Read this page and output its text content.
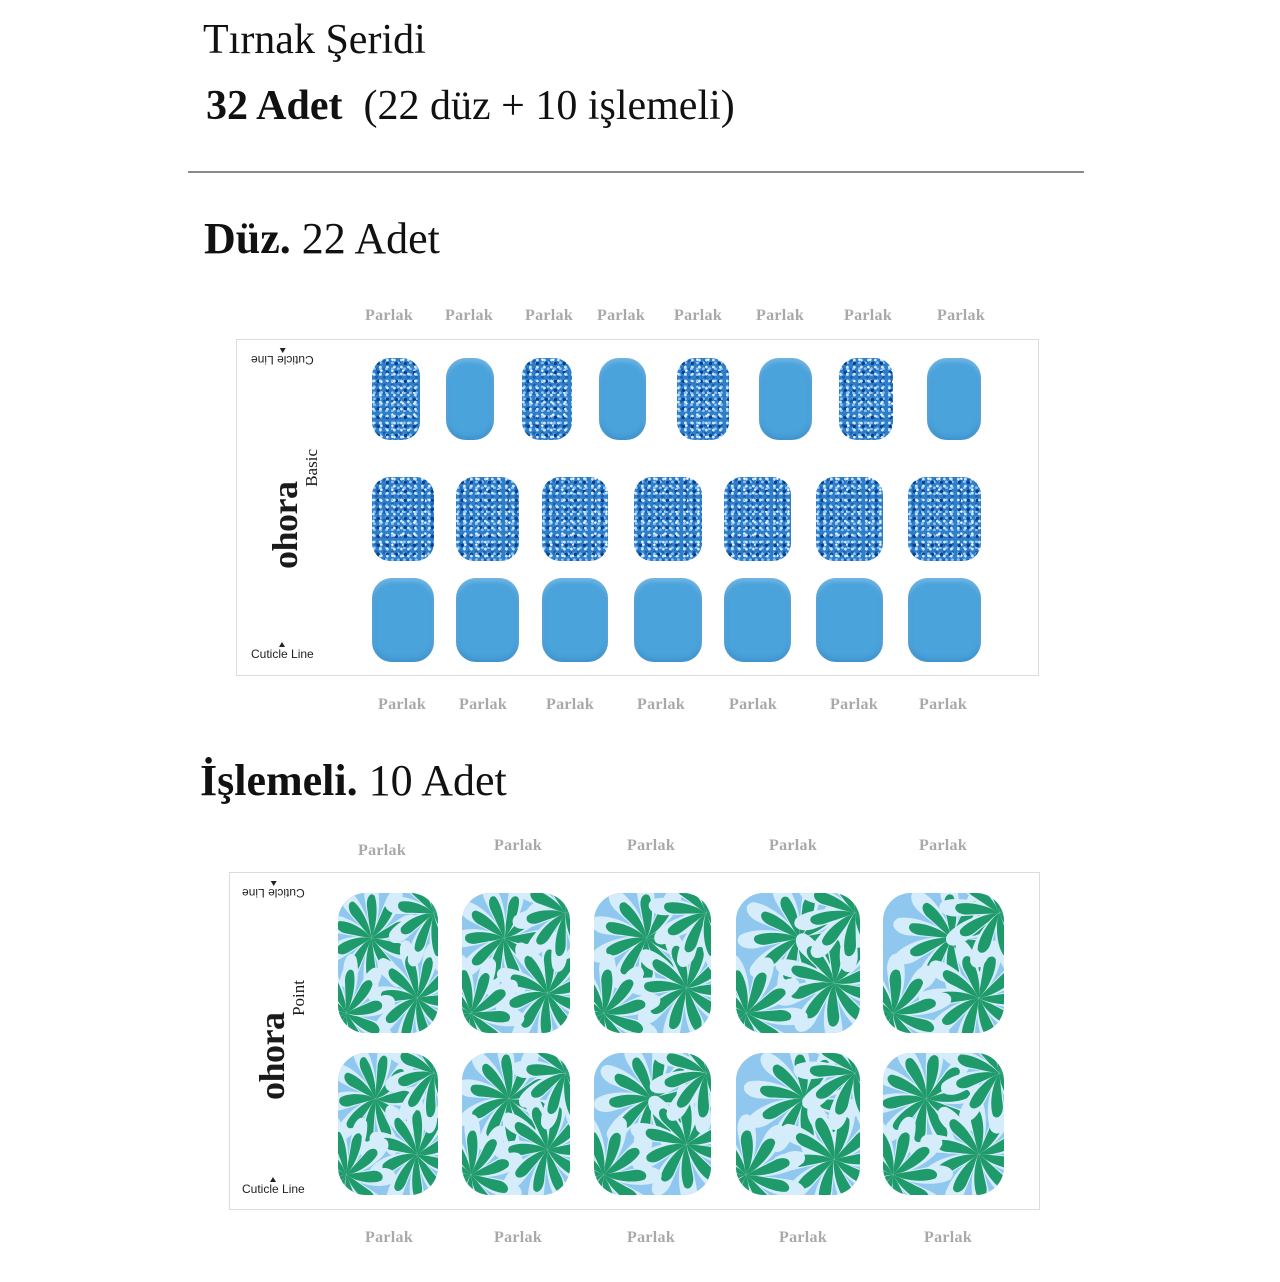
Tırnak Şeridi
32 Adet (22 düz + 10 işlemeli)
Düz. 22 Adet
Parlak Parlak Parlak Parlak Parlak Parlak Parlak	Parlak
Parlak Parlak Parlak	Parlak	Parlak	Parlak	Parlak
Cuticle Line
ohora
Basic
Cuticle Line
İşlemeli. 10 Adet
Parlak	Parlak	Parlak	Parlak	Parlak
Parlak	Parlak	Parlak	Parlak	Parlak
Cuticle Line
ohora
Point
Cuticle Line
